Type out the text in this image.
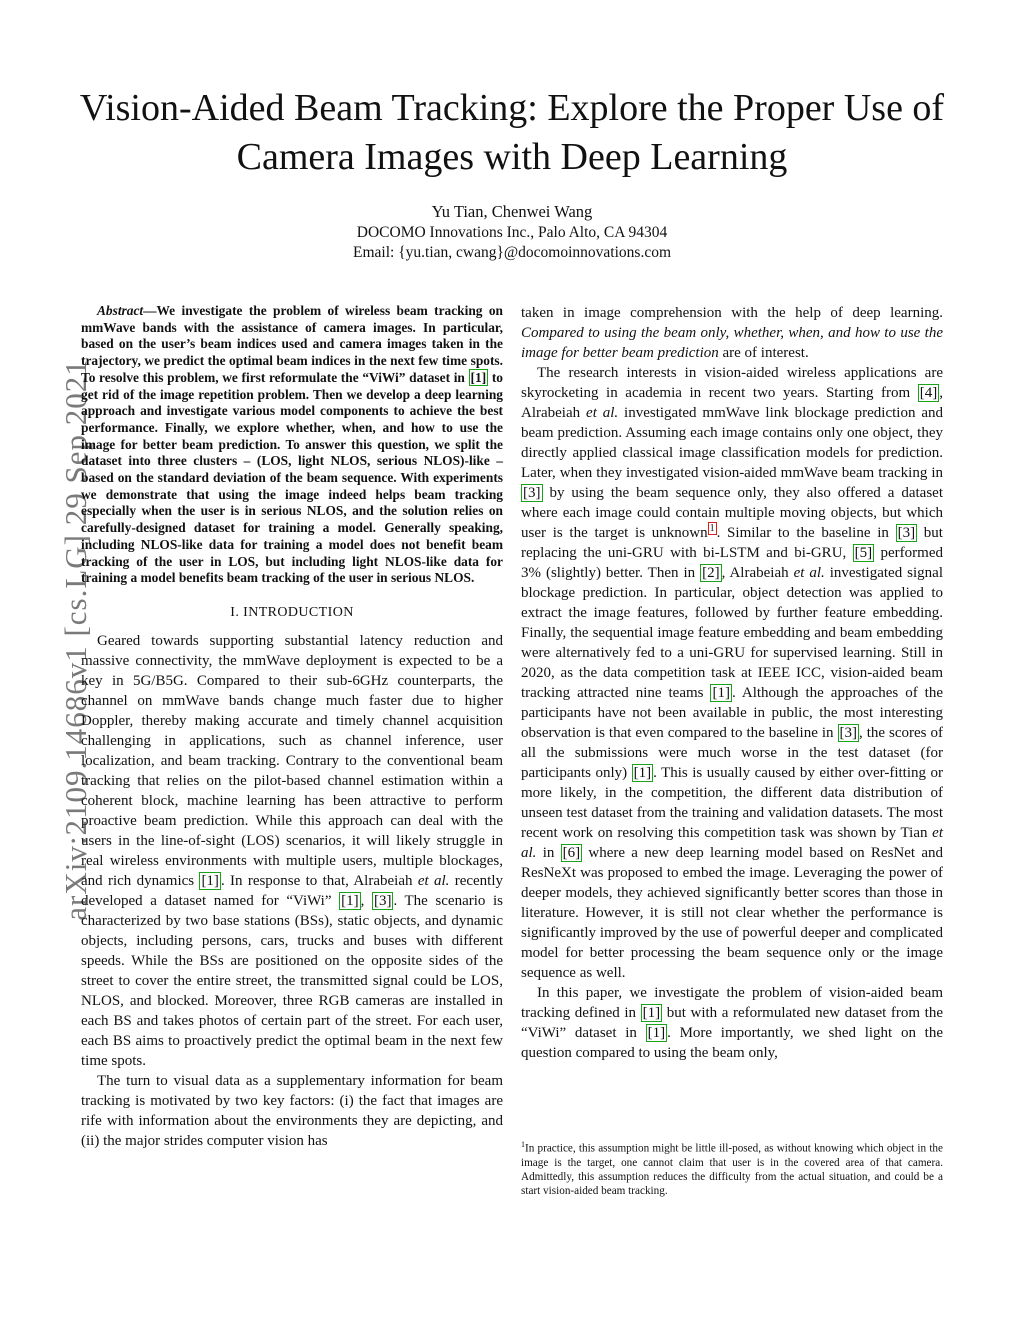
arXiv:2109.14686v1 [cs.LG] 29 Sep 2021
Vision-Aided Beam Tracking: Explore the Proper Use of Camera Images with Deep Learning
Yu Tian, Chenwei Wang
DOCOMO Innovations Inc., Palo Alto, CA 94304
Email: {yu.tian, cwang}@docomoinnovations.com

Abstract—We investigate the problem of wireless beam tracking on mmWave bands with the assistance of camera images. In particular, based on the user’s beam indices used and camera images taken in the trajectory, we predict the optimal beam indices in the next few time spots. To resolve this problem, we first reformulate the “ViWi” dataset in [1] to get rid of the image repetition problem. Then we develop a deep learning approach and investigate various model components to achieve the best performance. Finally, we explore whether, when, and how to use the image for better beam prediction. To answer this question, we split the dataset into three clusters – (LOS, light NLOS, serious NLOS)-like – based on the standard deviation of the beam sequence. With experiments we demonstrate that using the image indeed helps beam tracking especially when the user is in serious NLOS, and the solution relies on carefully-designed dataset for training a model. Generally speaking, including NLOS-like data for training a model does not benefit beam tracking of the user in LOS, but including light NLOS-like data for training a model benefits beam tracking of the user in serious NLOS.

I. INTRODUCTION

Geared towards supporting substantial latency reduction and massive connectivity, the mmWave deployment is expected to be a key in 5G/B5G. Compared to their sub-6GHz counterparts, the channel on mmWave bands change much faster due to higher Doppler, thereby making accurate and timely channel acquisition challenging in applications, such as channel inference, user localization, and beam tracking. Contrary to the conventional beam tracking that relies on the pilot-based channel estimation within a coherent block, machine learning has been attractive to perform proactive beam prediction. While this approach can deal with the users in the line-of-sight (LOS) scenarios, it will likely struggle in real wireless environments with multiple users, multiple blockages, and rich dynamics [1] . In response to that, Alrabeiah et al. recently developed a dataset named for “ViWi” [1] , [3] . The scenario is characterized by two base stations (BSs), static objects, and dynamic objects, including persons, cars, trucks and buses with different speeds. While the BSs are positioned on the opposite sides of the street to cover the entire street, the transmitted signal could be LOS, NLOS, and blocked. Moreover, three RGB cameras are installed in each BS and takes photos of certain part of the street. For each user, each BS aims to proactively predict the optimal beam in the next few time spots.

The turn to visual data as a supplementary information for beam tracking is motivated by two key factors: (i) the fact that images are rife with information about the environments they are depicting, and (ii) the major strides computer vision has

taken in image comprehension with the help of deep learning. Compared to using the beam only, whether, when, and how to use the image for better beam prediction are of interest.

The research interests in vision-aided wireless applications are skyrocketing in academia in recent two years. Starting from [4] , Alrabeiah et al. investigated mmWave link blockage prediction and beam prediction. Assuming each image contains only one object, they directly applied classical image classification models for prediction. Later, when they investigated vision-aided mmWave beam tracking in [3] by using the beam sequence only, they also offered a dataset where each image could contain multiple moving objects, but which user is the target is unknown $^1$ . Similar to the baseline in [3] but replacing the uni-GRU with bi-LSTM and bi-GRU, [5] performed 3% (slightly) better. Then in [2] , Alrabeiah et al. investigated signal blockage prediction. In particular, object detection was applied to extract the image features, followed by further feature embedding. Finally, the sequential image feature embedding and beam embedding were alternatively fed to a uni-GRU for supervised learning. Still in 2020, as the data competition task at IEEE ICC, vision-aided beam tracking attracted nine teams [1] . Although the approaches of the participants have not been available in public, the most interesting observation is that even compared to the baseline in [3] , the scores of all the submissions were much worse in the test dataset (for participants only) [1] . This is usually caused by either over-fitting or more likely, in the competition, the different data distribution of unseen test dataset from the training and validation datasets. The most recent work on resolving this competition task was shown by Tian et al. in [6] where a new deep learning model based on ResNet and ResNeXt was proposed to embed the image. Leveraging the power of deeper models, they achieved significantly better scores than those in literature. However, it is still not clear whether the performance is significantly improved by the use of powerful deeper and complicated model for better processing the beam sequence only or the image sequence as well.

In this paper, we investigate the problem of vision-aided beam tracking defined in [1] but with a reformulated new dataset from the “ViWi” dataset in [1] . More importantly, we shed light on the question compared to using the beam only,

$^1$In practice, this assumption might be little ill-posed, as without knowing which object in the image is the target, one cannot claim that user is in the covered area of that camera. Admittedly, this assumption reduces the difficulty from the actual situation, and could be a start vision-aided beam tracking.
